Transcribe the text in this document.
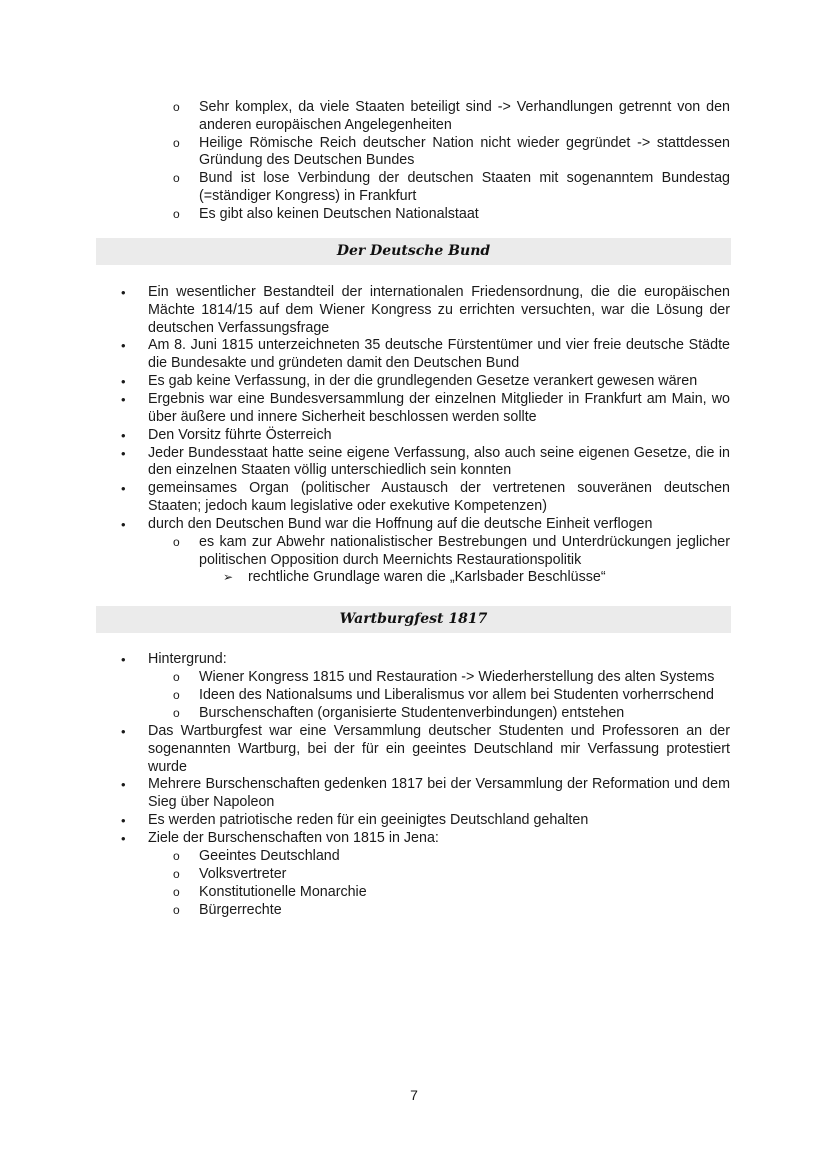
o Sehr komplex, da viele Staaten beteiligt sind -> Verhandlungen getrennt von den anderen europäischen Angelegenheiten
o Heilige Römische Reich deutscher Nation nicht wieder gegründet -> stattdessen Gründung des Deutschen Bundes
o Bund ist lose Verbindung der deutschen Staaten mit sogenanntem Bundestag (=ständiger Kongress) in Frankfurt
o Es gibt also keinen Deutschen Nationalstaat
Der Deutsche Bund
• Ein wesentlicher Bestandteil der internationalen Friedensordnung, die die europäischen Mächte 1814/15 auf dem Wiener Kongress zu errichten versuchten, war die Lösung der deutschen Verfassungsfrage
• Am 8. Juni 1815 unterzeichneten 35 deutsche Fürstentümer und vier freie deutsche Städte die Bundesakte und gründeten damit den Deutschen Bund
• Es gab keine Verfassung, in der die grundlegenden Gesetze verankert gewesen wären
• Ergebnis war eine Bundesversammlung der einzelnen Mitglieder in Frankfurt am Main, wo über äußere und innere Sicherheit beschlossen werden sollte
• Den Vorsitz führte Österreich
• Jeder Bundesstaat hatte seine eigene Verfassung, also auch seine eigenen Gesetze, die in den einzelnen Staaten völlig unterschiedlich sein konnten
• gemeinsames Organ (politischer Austausch der vertretenen souveränen deutschen Staaten; jedoch kaum legislative oder exekutive Kompetenzen)
• durch den Deutschen Bund war die Hoffnung auf die deutsche Einheit verflogen
o es kam zur Abwehr nationalistischer Bestrebungen und Unterdrückungen jeglicher politischen Opposition durch Meernichts Restaurationspolitik
➢ rechtliche Grundlage waren die „Karlsbader Beschlüsse“
Wartburgfest 1817
• Hintergrund:
o Wiener Kongress 1815 und Restauration -> Wiederherstellung des alten Systems
o Ideen des Nationalsums und Liberalismus vor allem bei Studenten vorherrschend
o Burschenschaften (organisierte Studentenverbindungen) entstehen
• Das Wartburgfest war eine Versammlung deutscher Studenten und Professoren an der sogenannten Wartburg, bei der für ein geeintes Deutschland mir Verfassung protestiert wurde
• Mehrere Burschenschaften gedenken 1817 bei der Versammlung der Reformation und dem Sieg über Napoleon
• Es werden patriotische reden für ein geeinigtes Deutschland gehalten
• Ziele der Burschenschaften von 1815 in Jena:
o Geeintes Deutschland
o Volksvertreter
o Konstitutionelle Monarchie
o Bürgerrechte
7
